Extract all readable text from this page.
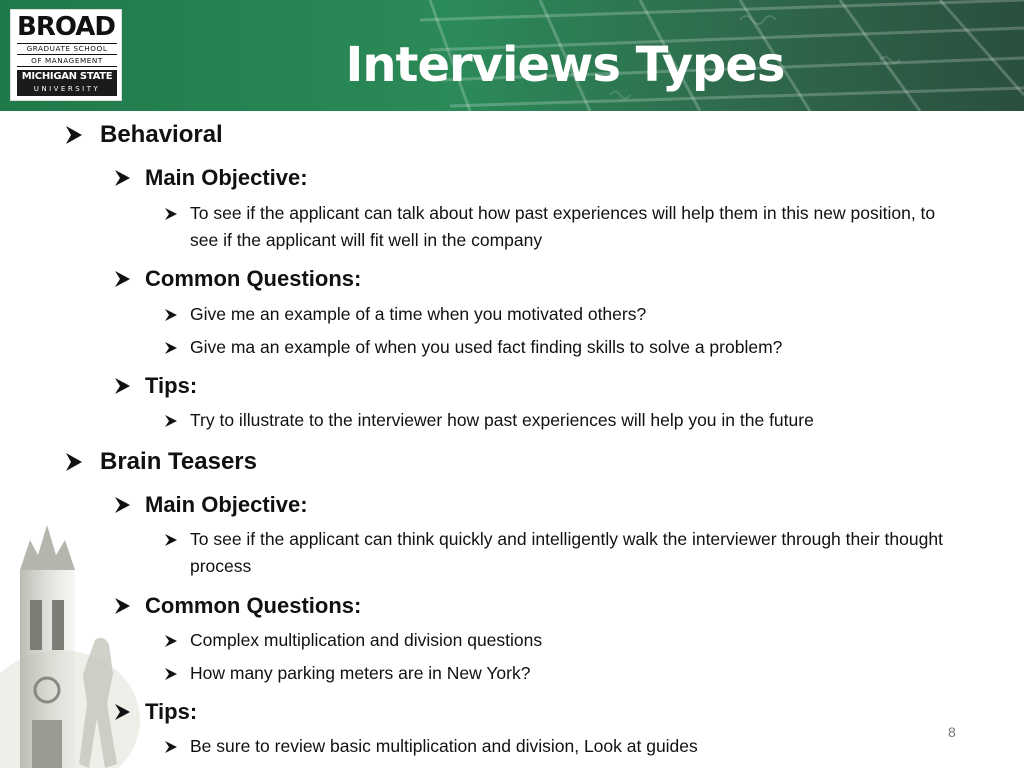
BROAD
GRADUATE SCHOOL
OF MANAGEMENT
MICHIGAN STATE
UNIVERSITY	Interviews Types
Behavioral
Main Objective:
To see if the applicant can talk about how past experiences will help them in this new position, to see if the applicant will fit well in the company
Common Questions:
Give me an example of a time when you motivated others?
Give ma an example of when you used fact finding skills to solve a problem?
Tips:
Try to illustrate to the interviewer how past experiences will help you in the future
Brain Teasers
Main Objective:
To see if the applicant can think quickly and intelligently walk the interviewer through their thought process
Common Questions:
Complex multiplication and division questions
How many parking meters are in New York?
Tips:
Be sure to review basic multiplication and division, Look at guides
8
